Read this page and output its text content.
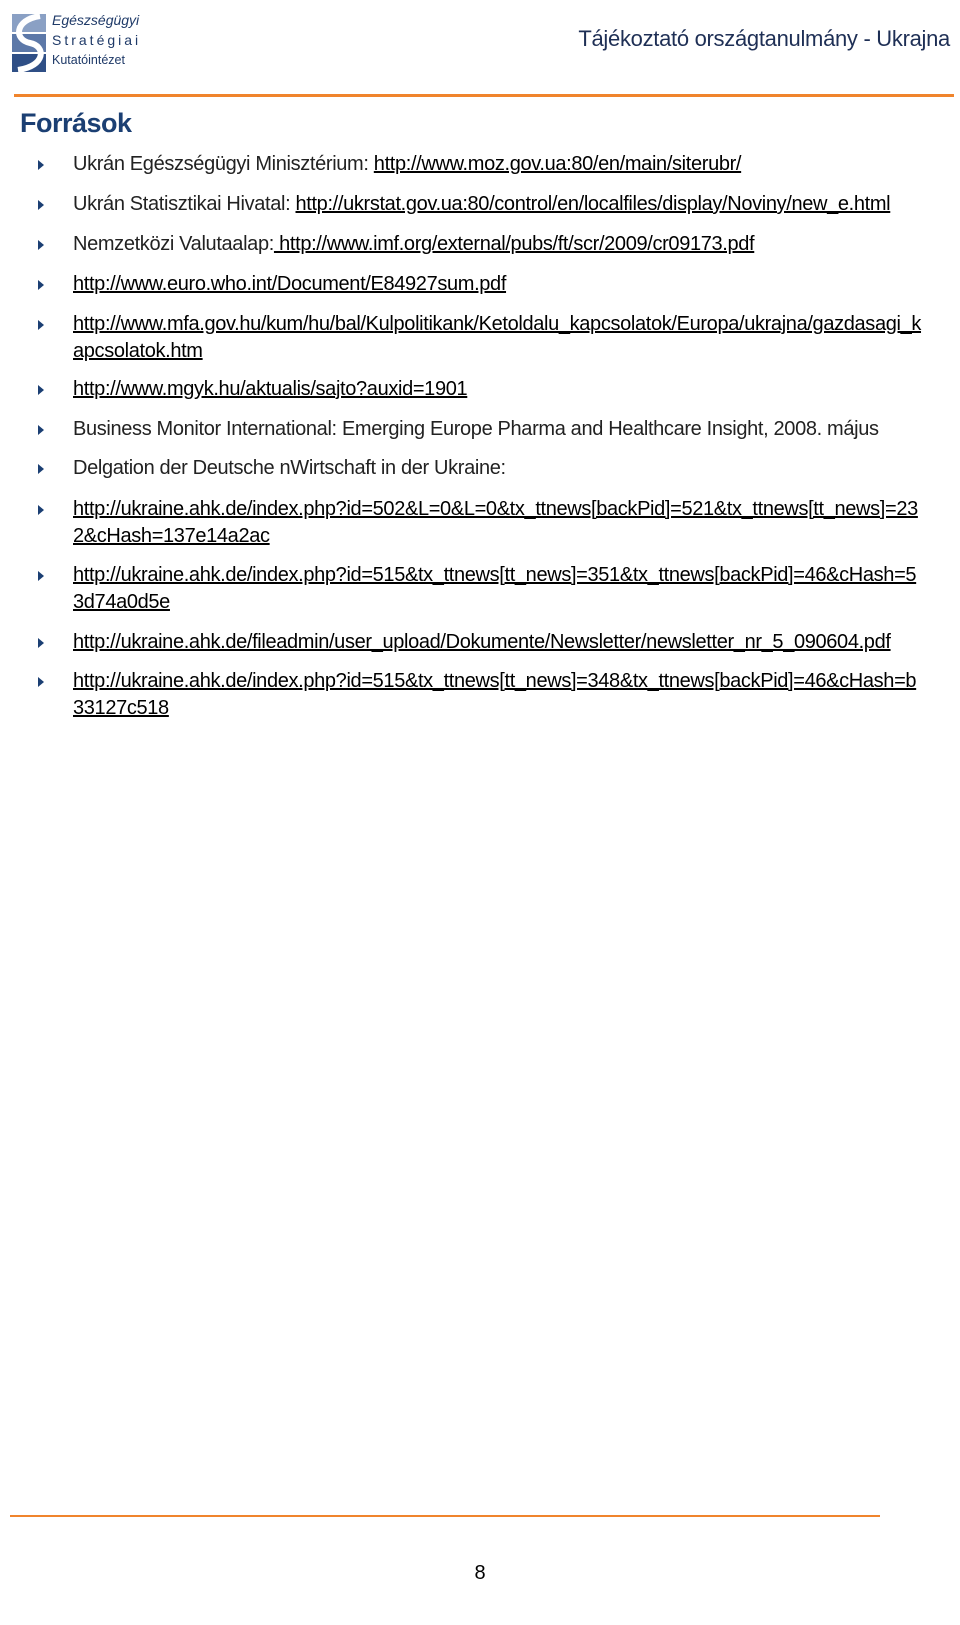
Egészségügyi
Stratégiai
Kutatóintézet
Tájékoztató országtanulmány - Ukrajna
Források
Ukrán Egészségügyi Minisztérium: http://www.moz.gov.ua:80/en/main/siterubr/
Ukrán Statisztikai Hivatal: http://ukrstat.gov.ua:80/control/en/localfiles/display/Noviny/new_e.html
Nemzetközi Valutaalap: http://www.imf.org/external/pubs/ft/scr/2009/cr09173.pdf
http://www.euro.who.int/Document/E84927sum.pdf
http://www.mfa.gov.hu/kum/hu/bal/Kulpolitikank/Ketoldalu_kapcsolatok/Europa/ukrajna/gazdasagi_kapcsolatok.htm
http://www.mgyk.hu/aktualis/sajto?auxid=1901
Business Monitor International: Emerging Europe Pharma and Healthcare Insight, 2008. május
Delgation der Deutsche nWirtschaft in der Ukraine:
http://ukraine.ahk.de/index.php?id=502&L=0&L=0&tx_ttnews[backPid]=521&tx_ttnews[tt_news]=232&cHash=137e14a2ac
http://ukraine.ahk.de/index.php?id=515&tx_ttnews[tt_news]=351&tx_ttnews[backPid]=46&cHash=53d74a0d5e
http://ukraine.ahk.de/fileadmin/user_upload/Dokumente/Newsletter/newsletter_nr_5_090604.pdf
http://ukraine.ahk.de/index.php?id=515&tx_ttnews[tt_news]=348&tx_ttnews[backPid]=46&cHash=b33127c518
8
